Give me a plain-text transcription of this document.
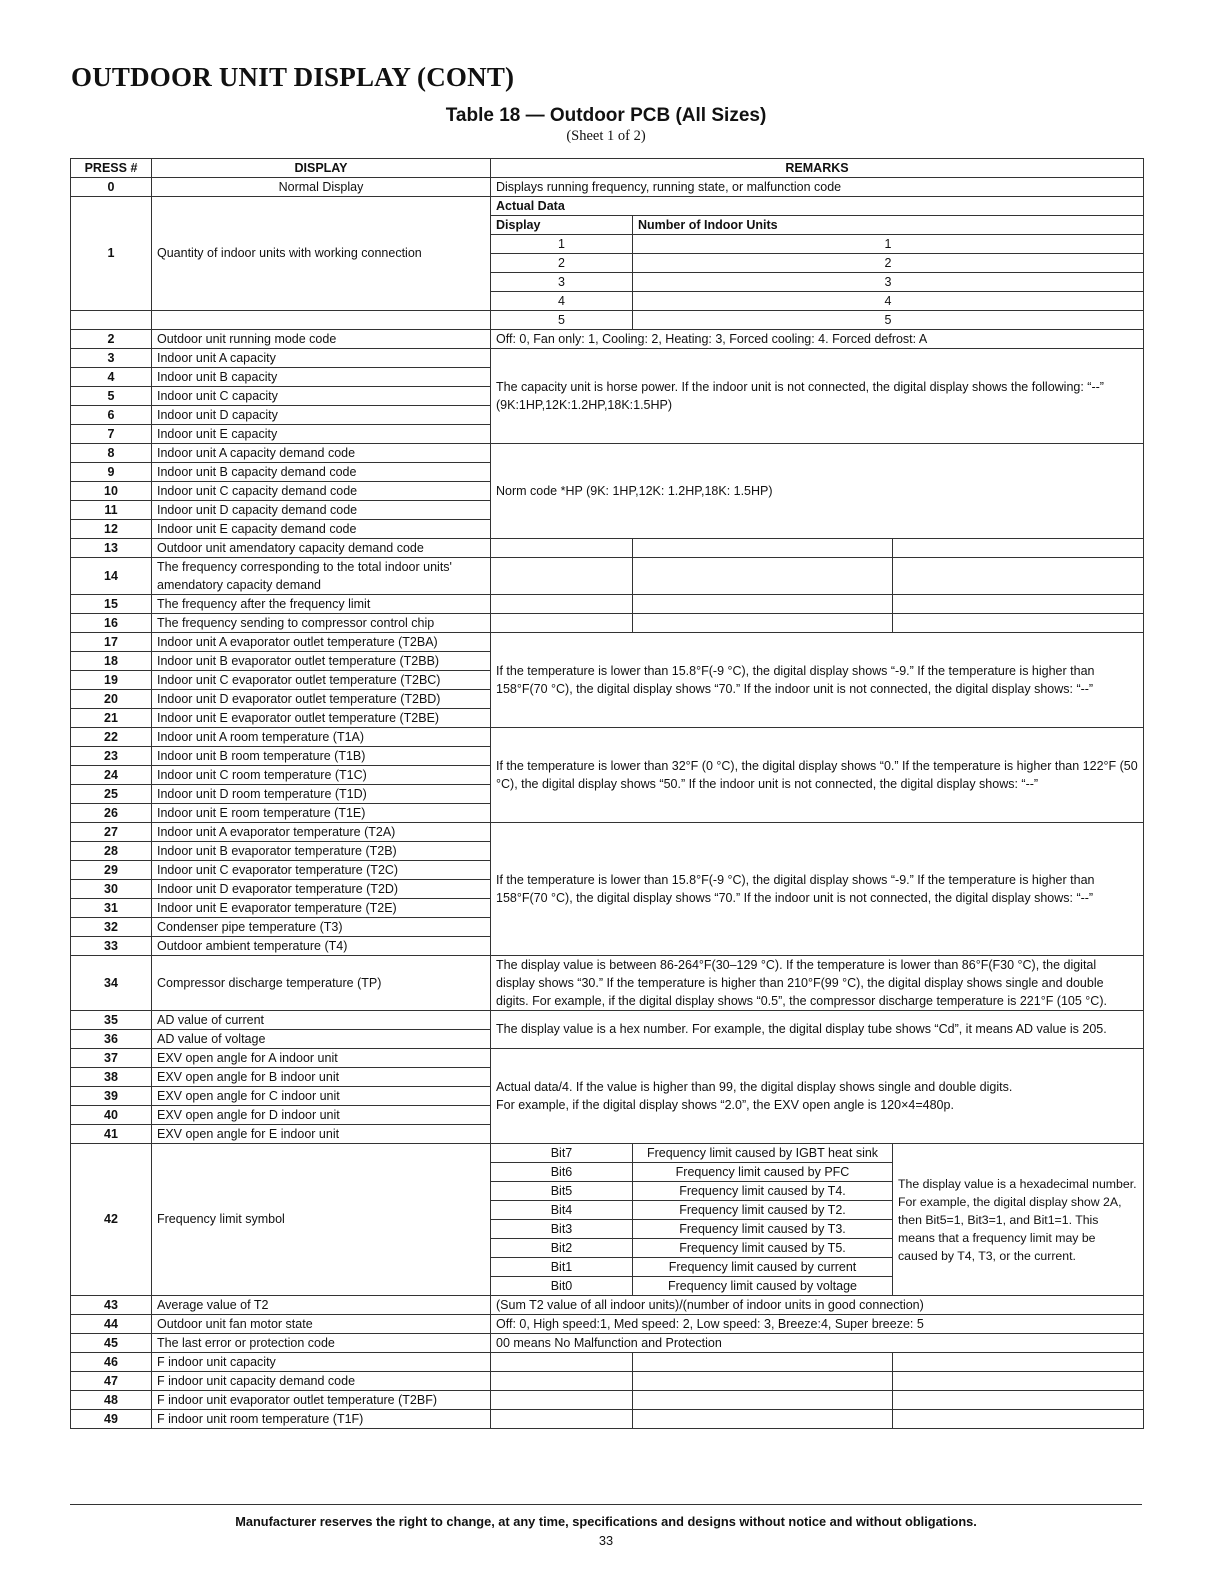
OUTDOOR UNIT DISPLAY (CONT)
Table 18 — Outdoor PCB (All Sizes)
(Sheet 1 of 2)
PRESS #	DISPLAY	REMARKS		
0	Normal Display	Displays running frequency, running state, or malfunction code		
1	Quantity of indoor units with working connection	Actual Data		
		Display	Number of Indoor Units	
		1	1	
		2	2	
		3	3	
		4	4	
		5	5	
2	Outdoor unit running mode code	Off: 0, Fan only: 1, Cooling: 2, Heating: 3, Forced cooling: 4. Forced defrost: A		
3	Indoor unit A capacity	The capacity unit is horse power. If the indoor unit is not connected, the digital display shows the following: “--” (9K:1HP,12K:1.2HP,18K:1.5HP)		
4	Indoor unit B capacity			
5	Indoor unit C capacity			
6	Indoor unit D capacity			
7	Indoor unit E capacity			
8	Indoor unit A capacity demand code	Norm code *HP (9K: 1HP,12K: 1.2HP,18K: 1.5HP)		
9	Indoor unit B capacity demand code			
10	Indoor unit C capacity demand code			
11	Indoor unit D capacity demand code			
12	Indoor unit E capacity demand code			
13	Outdoor unit amendatory capacity demand code			
14	The frequency corresponding to the total indoor units' amendatory capacity demand			
15	The frequency after the frequency limit			
16	The frequency sending to compressor control chip			
17	Indoor unit A evaporator outlet temperature (T2BA)	If the temperature is lower than 15.8°F(-9 °C), the digital display shows “-9.” If the temperature is higher than 158°F(70 °C), the digital display shows “70.” If the indoor unit is not connected, the digital display shows: “--”		
18	Indoor unit B evaporator outlet temperature (T2BB)			
19	Indoor unit C evaporator outlet temperature (T2BC)			
20	Indoor unit D evaporator outlet temperature (T2BD)			
21	Indoor unit E evaporator outlet temperature (T2BE)			
22	Indoor unit A room temperature (T1A)	If the temperature is lower than 32°F (0 °C), the digital display shows “0.” If the temperature is higher than 122°F (50 °C), the digital display shows “50.” If the indoor unit is not connected, the digital display shows: “--”		
23	Indoor unit B room temperature (T1B)			
24	Indoor unit C room temperature (T1C)			
25	Indoor unit D room temperature (T1D)			
26	Indoor unit E room temperature (T1E)			
27	Indoor unit A evaporator temperature (T2A)	If the temperature is lower than 15.8°F(-9 °C), the digital display shows “-9.” If the temperature is higher than 158°F(70 °C), the digital display shows “70.” If the indoor unit is not connected, the digital display shows: “--”		
28	Indoor unit B evaporator temperature (T2B)			
29	Indoor unit C evaporator temperature (T2C)			
30	Indoor unit D evaporator temperature (T2D)			
31	Indoor unit E evaporator temperature (T2E)			
32	Condenser pipe temperature (T3)			
33	Outdoor ambient temperature (T4)			
34	Compressor discharge temperature (TP)	The display value is between 86-264°F(30–129 °C). If the temperature is lower than 86°F(F30 °C), the digital display shows “30.” If the temperature is higher than 210°F(99 °C), the digital display shows single and double digits. For example, if the digital display shows “0.5”, the compressor discharge temperature is 221°F (105 °C).		
35	AD value of current	The display value is a hex number. For example, the digital display tube shows “Cd”, it means AD value is 205.		
36	AD value of voltage			
37	EXV open angle for A indoor unit	Actual data/4. If the value is higher than 99, the digital display shows single and double digits.
For example, if the digital display shows “2.0”, the EXV open angle is 120×4=480p.		
38	EXV open angle for B indoor unit			
39	EXV open angle for C indoor unit			
40	EXV open angle for D indoor unit			
41	EXV open angle for E indoor unit			
42	Frequency limit symbol	Bit7	Frequency limit caused by IGBT heat sink	The display value is a hexadecimal number. For example, the digital display show 2A, then Bit5=1, Bit3=1, and Bit1=1. This means that a frequency limit may be caused by T4, T3, or the current.
		Bit6	Frequency limit caused by PFC	
		Bit5	Frequency limit caused by T4.	
		Bit4	Frequency limit caused by T2.	
		Bit3	Frequency limit caused by T3.	
		Bit2	Frequency limit caused by T5.	
		Bit1	Frequency limit caused by current	
		Bit0	Frequency limit caused by voltage	
43	Average value of T2	(Sum T2 value of all indoor units)/(number of indoor units in good connection)		
44	Outdoor unit fan motor state	Off: 0, High speed:1, Med speed: 2, Low speed: 3, Breeze:4, Super breeze: 5		
45	The last error or protection code	00 means No Malfunction and Protection		
46	F indoor unit capacity			
47	F indoor unit capacity demand code			
48	F indoor unit evaporator outlet temperature (T2BF)			
49	F indoor unit room temperature (T1F)			
Manufacturer reserves the right to change, at any time, specifications and designs without notice and without obligations.
33
